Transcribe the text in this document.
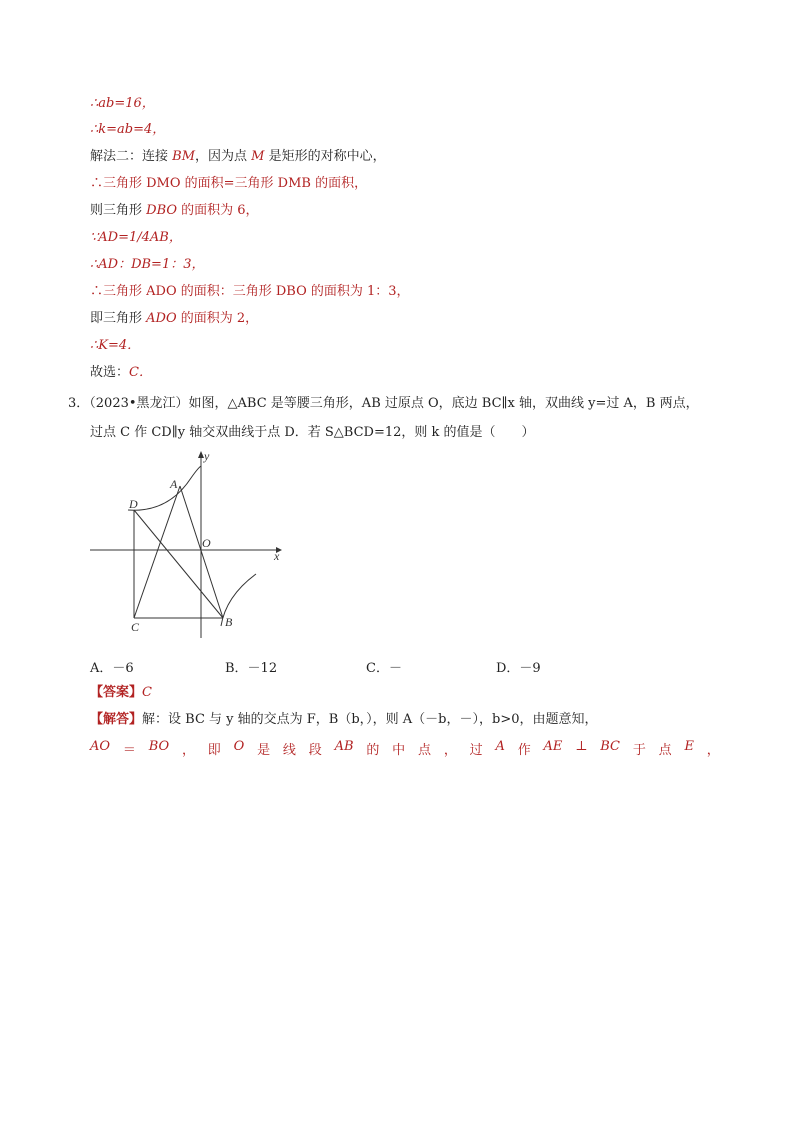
∴ab=16，
∴k=ab=4，
解法二：连接 BM，因为点 M 是矩形的对称中心，
∴三角形 DMO 的面积=三角形 DMB 的面积，
则三角形 DBO 的面积为 6，
∵AD=1/4AB，
∴AD：DB=1：3，
∴三角形 ADO 的面积：三角形 DBO 的面积为 1：3，
即三角形 ADO 的面积为 2，
∴K=4．
故选：C．
3．（2023•黑龙江）如图，△ABC 是等腰三角形，AB 过原点 O，底边 BC∥x 轴，双曲线 y=过 A，B 两点，
过点 C 作 CD∥y 轴交双曲线于点 D．若 S△BCD=12，则 k 的值是（　　）
y
x
A
D
O
C	B
A．－6	B．－12	C．－	D．－9
【答案】C
【解答】解：设 BC 与 y 轴的交点为 F，B（b，），则 A（－b，－），b>0，由题意知，
AO ＝ BO ， 即 O 是 线 段 AB 的 中 点 ， 过 A 作 AE ⊥ BC 于 点 E ，
